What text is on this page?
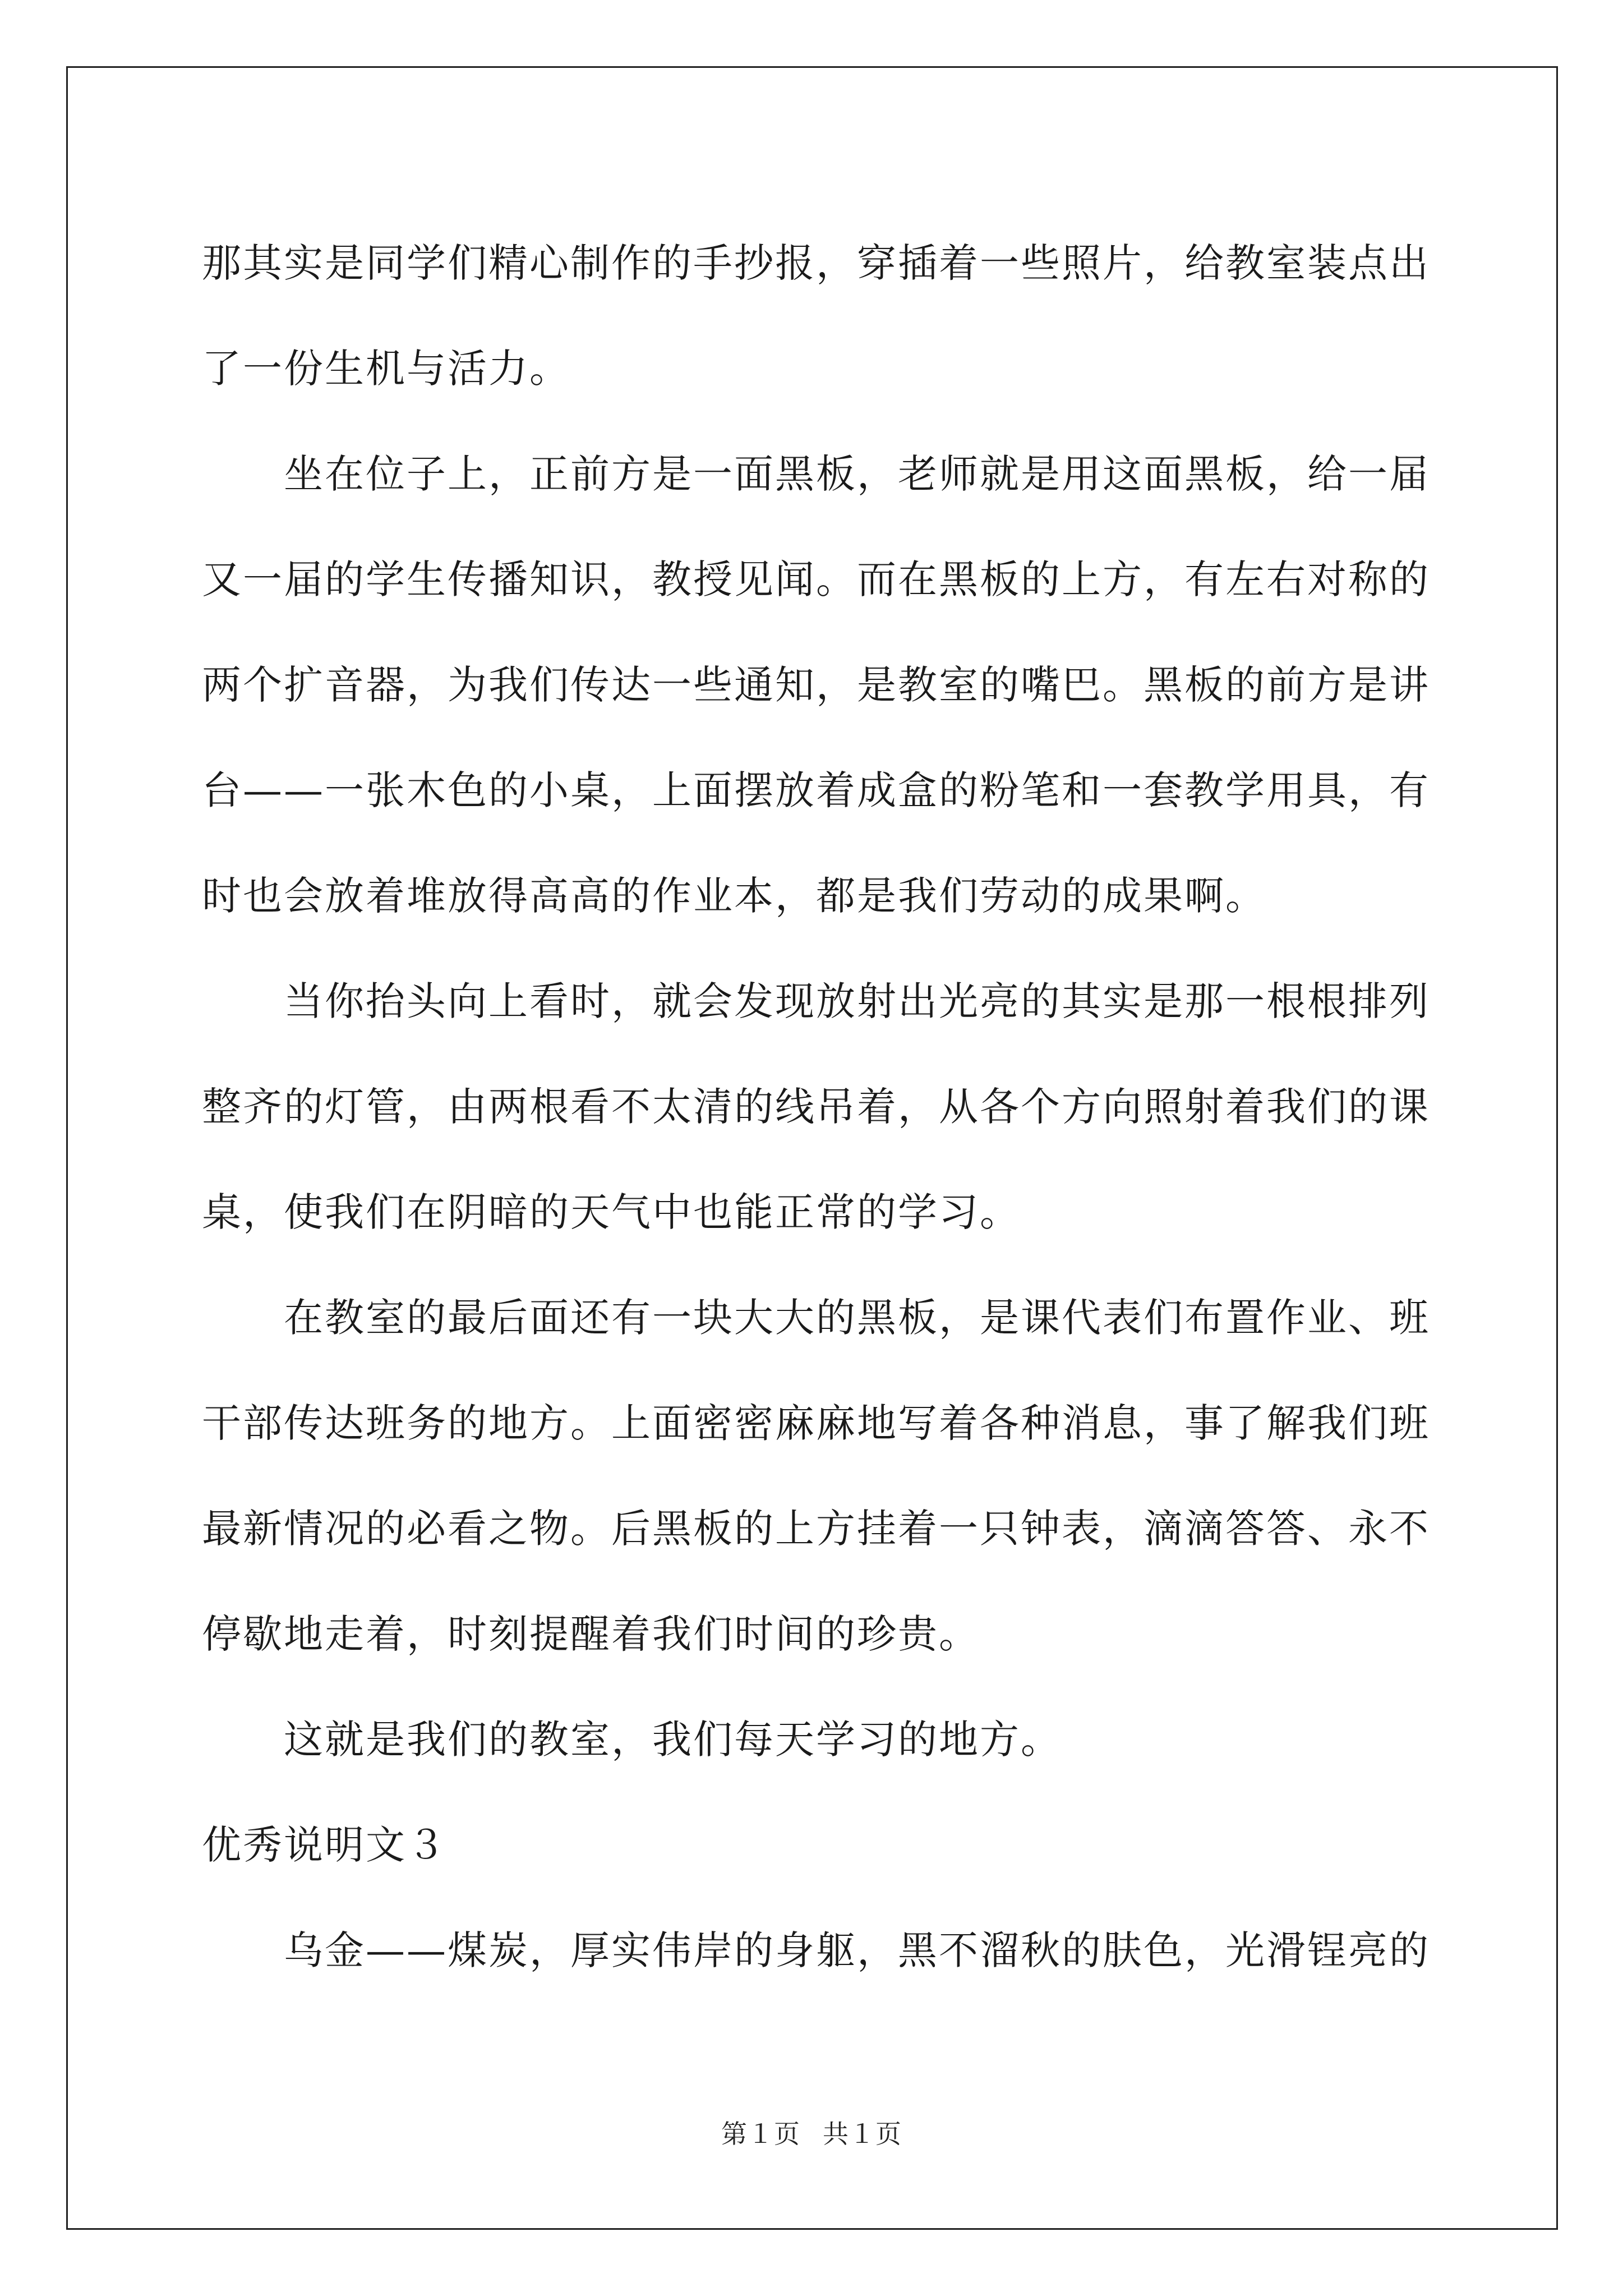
那其实是同学们精心制作的手抄报，穿插着一些照片，给教室装点出
了一份生机与活力。

坐在位子上，正前方是一面黑板，老师就是用这面黑板，给一届
又一届的学生传播知识，教授见闻。而在黑板的上方，有左右对称的
两个扩音器，为我们传达一些通知，是教室的嘴巴。黑板的前方是讲
台——一张木色的小桌，上面摆放着成盒的粉笔和一套教学用具，有
时也会放着堆放得高高的作业本，都是我们劳动的成果啊。

当你抬头向上看时，就会发现放射出光亮的其实是那一根根排列
整齐的灯管，由两根看不太清的线吊着，从各个方向照射着我们的课
桌，使我们在阴暗的天气中也能正常的学习。

在教室的最后面还有一块大大的黑板，是课代表们布置作业、班
干部传达班务的地方。上面密密麻麻地写着各种消息，事了解我们班
最新情况的必看之物。后黑板的上方挂着一只钟表，滴滴答答、永不
停歇地走着，时刻提醒着我们时间的珍贵。

这就是我们的教室，我们每天学习的地方。

优秀说明文３

乌金——煤炭，厚实伟岸的身躯，黑不溜秋的肤色，光滑锃亮的

第１页 共１页
